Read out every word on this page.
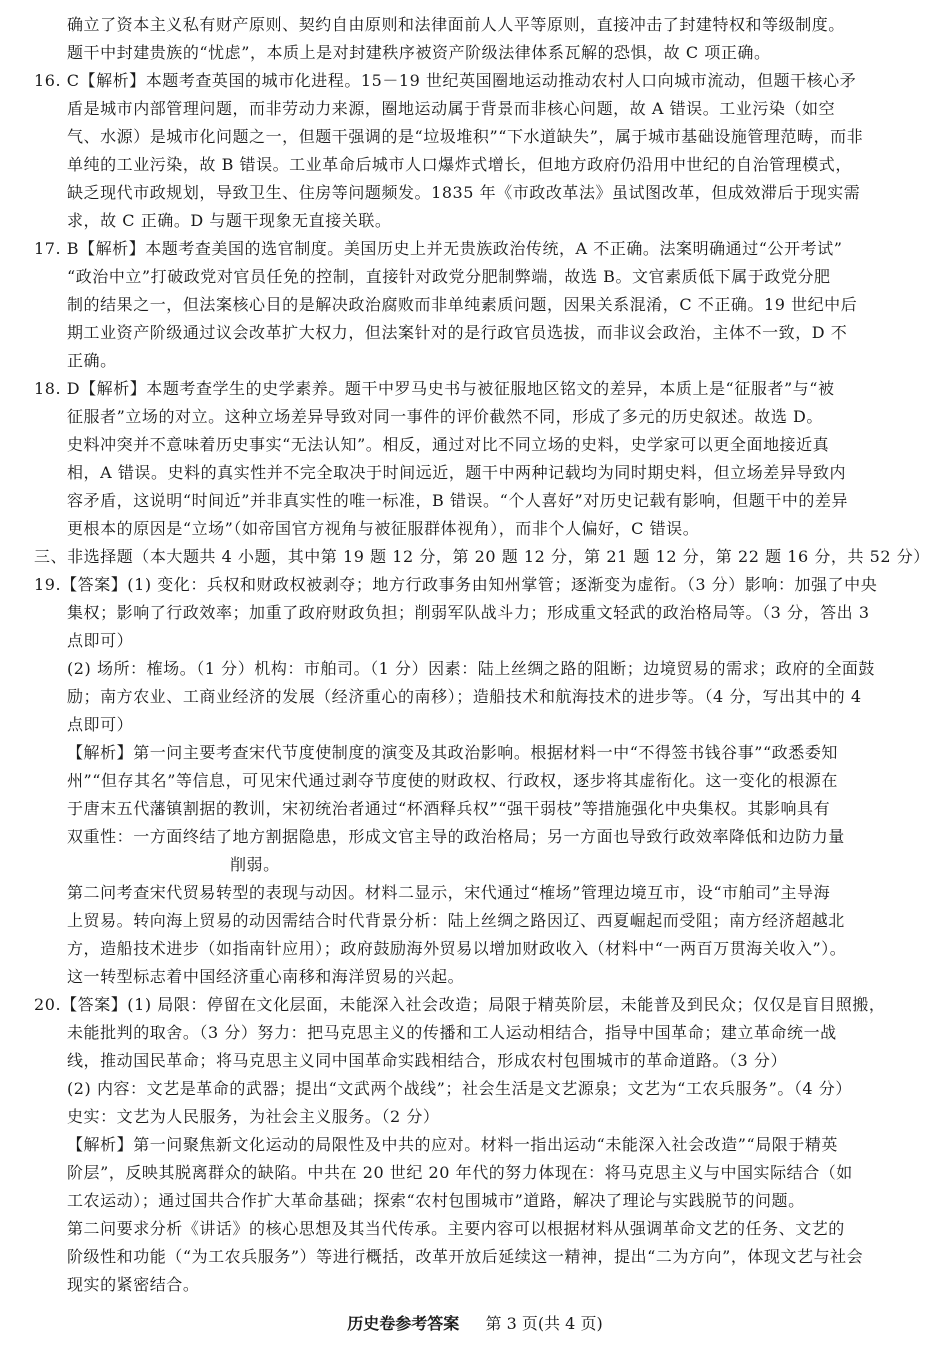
确立了资本主义私有财产原则、契约自由原则和法律面前人人平等原则，直接冲击了封建特权和等级制度。
题干中封建贵族的“忧虑”，本质上是对封建秩序被资产阶级法律体系瓦解的恐惧，故 C 项正确。
16. C【解析】本题考查英国的城市化进程。15－19 世纪英国圈地运动推动农村人口向城市流动，但题干核心矛
盾是城市内部管理问题，而非劳动力来源，圈地运动属于背景而非核心问题，故 A 错误。工业污染（如空
气、水源）是城市化问题之一，但题干强调的是“垃圾堆积”“下水道缺失”，属于城市基础设施管理范畴，而非
单纯的工业污染，故 B 错误。工业革命后城市人口爆炸式增长，但地方政府仍沿用中世纪的自治管理模式，
缺乏现代市政规划，导致卫生、住房等问题频发。1835 年《市政改革法》虽试图改革，但成效滞后于现实需
求，故 C 正确。D 与题干现象无直接关联。
17. B【解析】本题考查美国的选官制度。美国历史上并无贵族政治传统，A 不正确。法案明确通过“公开考试”
“政治中立”打破政党对官员任免的控制，直接针对政党分肥制弊端，故选 B。文官素质低下属于政党分肥
制的结果之一，但法案核心目的是解决政治腐败而非单纯素质问题，因果关系混淆，C 不正确。19 世纪中后
期工业资产阶级通过议会改革扩大权力，但法案针对的是行政官员选拔，而非议会政治，主体不一致，D 不
正确。
18. D【解析】本题考查学生的史学素养。题干中罗马史书与被征服地区铭文的差异，本质上是“征服者”与“被
征服者”立场的对立。这种立场差异导致对同一事件的评价截然不同，形成了多元的历史叙述。故选 D。
史料冲突并不意味着历史事实“无法认知”。相反，通过对比不同立场的史料，史学家可以更全面地接近真
相，A 错误。史料的真实性并不完全取决于时间远近，题干中两种记载均为同时期史料，但立场差异导致内
容矛盾，这说明“时间近”并非真实性的唯一标准，B 错误。“个人喜好”对历史记载有影响，但题干中的差异
更根本的原因是“立场”（如帝国官方视角与被征服群体视角），而非个人偏好，C 错误。
三、非选择题（本大题共 4 小题，其中第 19 题 12 分，第 20 题 12 分，第 21 题 12 分，第 22 题 16 分，共 52 分）
19.【答案】(1) 变化：兵权和财政权被剥夺；地方行政事务由知州掌管；逐渐变为虚衔。（3 分）影响：加强了中央
集权；影响了行政效率；加重了政府财政负担；削弱军队战斗力；形成重文轻武的政治格局等。（3 分，答出 3
点即可）
(2) 场所：榷场。（1 分）机构：市舶司。（1 分）因素：陆上丝绸之路的阻断；边境贸易的需求；政府的全面鼓
励；南方农业、工商业经济的发展（经济重心的南移）；造船技术和航海技术的进步等。（4 分，写出其中的 4
点即可）
【解析】第一问主要考查宋代节度使制度的演变及其政治影响。根据材料一中“不得签书钱谷事”“政悉委知
州”“但存其名”等信息，可见宋代通过剥夺节度使的财政权、行政权，逐步将其虚衔化。这一变化的根源在
于唐末五代藩镇割据的教训，宋初统治者通过“杯酒释兵权”“强干弱枝”等措施强化中央集权。其影响具有
双重性：一方面终结了地方割据隐患，形成文官主导的政治格局；另一方面也导致行政效率降低和边防力量
削弱。
第二问考查宋代贸易转型的表现与动因。材料二显示，宋代通过“榷场”管理边境互市，设“市舶司”主导海
上贸易。转向海上贸易的动因需结合时代背景分析：陆上丝绸之路因辽、西夏崛起而受阻；南方经济超越北
方，造船技术进步（如指南针应用）；政府鼓励海外贸易以增加财政收入（材料中“一两百万贯海关收入”）。
这一转型标志着中国经济重心南移和海洋贸易的兴起。
20.【答案】(1) 局限：停留在文化层面，未能深入社会改造；局限于精英阶层，未能普及到民众；仅仅是盲目照搬，
未能批判的取舍。（3 分）努力：把马克思主义的传播和工人运动相结合，指导中国革命；建立革命统一战
线，推动国民革命；将马克思主义同中国革命实践相结合，形成农村包围城市的革命道路。（3 分）
(2) 内容：文艺是革命的武器；提出“文武两个战线”；社会生活是文艺源泉；文艺为“工农兵服务”。（4 分）
史实：文艺为人民服务，为社会主义服务。（2 分）
【解析】第一问聚焦新文化运动的局限性及中共的应对。材料一指出运动“未能深入社会改造”“局限于精英
阶层”，反映其脱离群众的缺陷。中共在 20 世纪 20 年代的努力体现在：将马克思主义与中国实际结合（如
工农运动）；通过国共合作扩大革命基础；探索“农村包围城市”道路，解决了理论与实践脱节的问题。
第二问要求分析《讲话》的核心思想及其当代传承。主要内容可以根据材料从强调革命文艺的任务、文艺的
阶级性和功能（“为工农兵服务”）等进行概括，改革开放后延续这一精神，提出“二为方向”，体现文艺与社会
现实的紧密结合。
历史卷参考答案   第 3 页(共 4 页)
